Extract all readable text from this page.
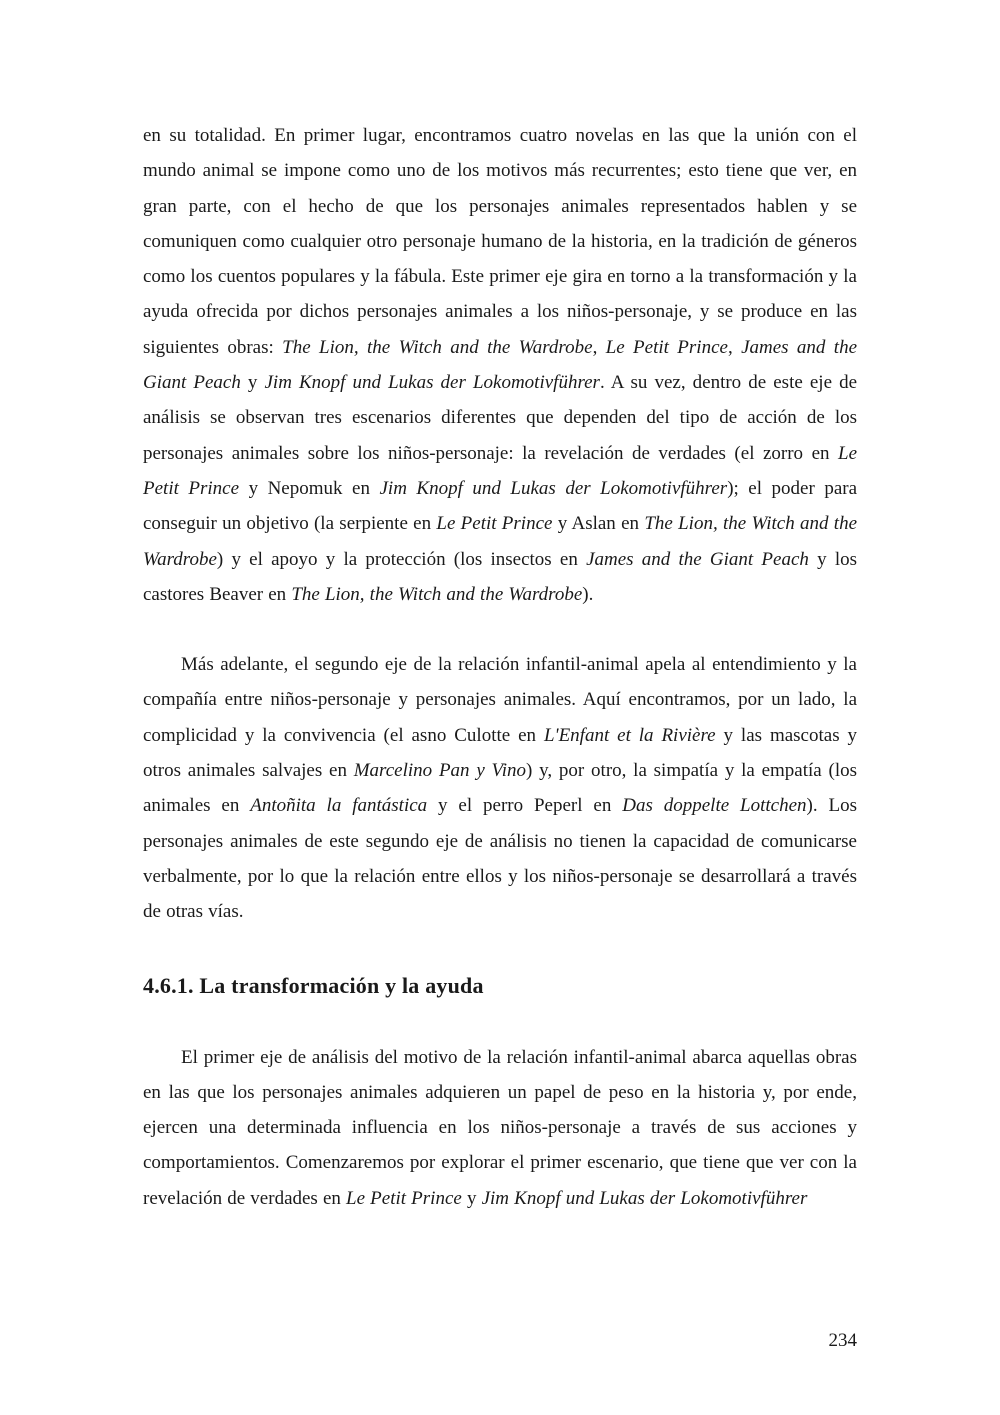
en su totalidad. En primer lugar, encontramos cuatro novelas en las que la unión con el mundo animal se impone como uno de los motivos más recurrentes; esto tiene que ver, en gran parte, con el hecho de que los personajes animales representados hablen y se comuniquen como cualquier otro personaje humano de la historia, en la tradición de géneros como los cuentos populares y la fábula. Este primer eje gira en torno a la transformación y la ayuda ofrecida por dichos personajes animales a los niños-personaje, y se produce en las siguientes obras: The Lion, the Witch and the Wardrobe, Le Petit Prince, James and the Giant Peach y Jim Knopf und Lukas der Lokomotivführer. A su vez, dentro de este eje de análisis se observan tres escenarios diferentes que dependen del tipo de acción de los personajes animales sobre los niños-personaje: la revelación de verdades (el zorro en Le Petit Prince y Nepomuk en Jim Knopf und Lukas der Lokomotivführer); el poder para conseguir un objetivo (la serpiente en Le Petit Prince y Aslan en The Lion, the Witch and the Wardrobe) y el apoyo y la protección (los insectos en James and the Giant Peach y los castores Beaver en The Lion, the Witch and the Wardrobe).

Más adelante, el segundo eje de la relación infantil-animal apela al entendimiento y la compañía entre niños-personaje y personajes animales. Aquí encontramos, por un lado, la complicidad y la convivencia (el asno Culotte en L'Enfant et la Rivière y las mascotas y otros animales salvajes en Marcelino Pan y Vino) y, por otro, la simpatía y la empatía (los animales en Antoñita la fantástica y el perro Peperl en Das doppelte Lottchen). Los personajes animales de este segundo eje de análisis no tienen la capacidad de comunicarse verbalmente, por lo que la relación entre ellos y los niños-personaje se desarrollará a través de otras vías.

4.6.1. La transformación y la ayuda

El primer eje de análisis del motivo de la relación infantil-animal abarca aquellas obras en las que los personajes animales adquieren un papel de peso en la historia y, por ende, ejercen una determinada influencia en los niños-personaje a través de sus acciones y comportamientos. Comenzaremos por explorar el primer escenario, que tiene que ver con la revelación de verdades en Le Petit Prince y Jim Knopf und Lukas der Lokomotivführer

234
